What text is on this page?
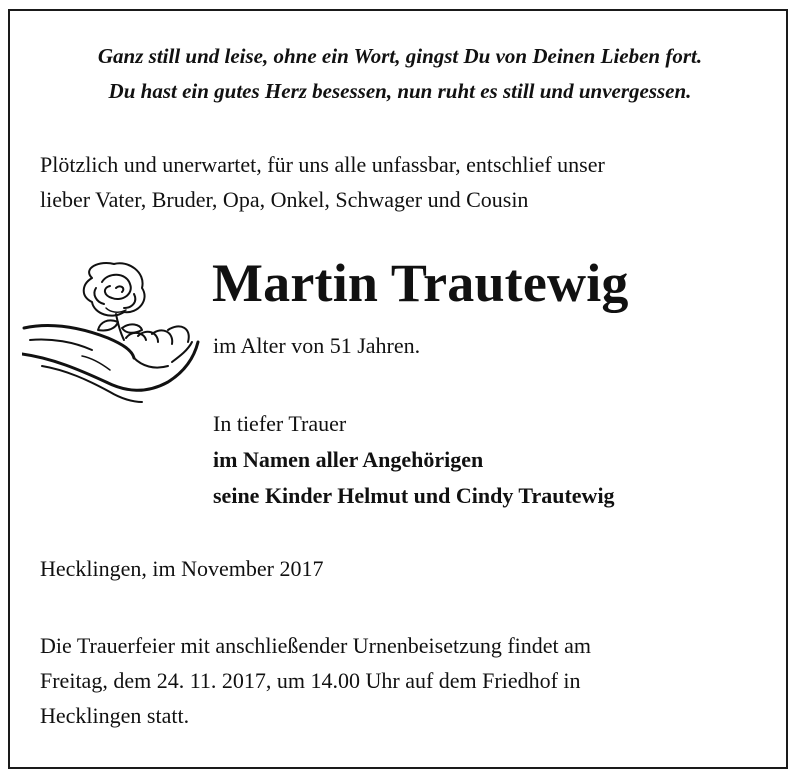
Ganz still und leise, ohne ein Wort, gingst Du von Deinen Lieben fort.
Du hast ein gutes Herz besessen, nun ruht es still und unvergessen.
Plötzlich und unerwartet, für uns alle unfassbar, entschlief unser
lieber Vater, Bruder, Opa, Onkel, Schwager und Cousin
Martin Trautewig
im Alter von 51 Jahren.
In tiefer Trauer
im Namen aller Angehörigen
seine Kinder Helmut und Cindy Trautewig
Hecklingen, im November 2017
Die Trauerfeier mit anschließender Urnenbeisetzung findet am
Freitag, dem 24. 11. 2017, um 14.00 Uhr auf dem Friedhof in
Hecklingen statt.
